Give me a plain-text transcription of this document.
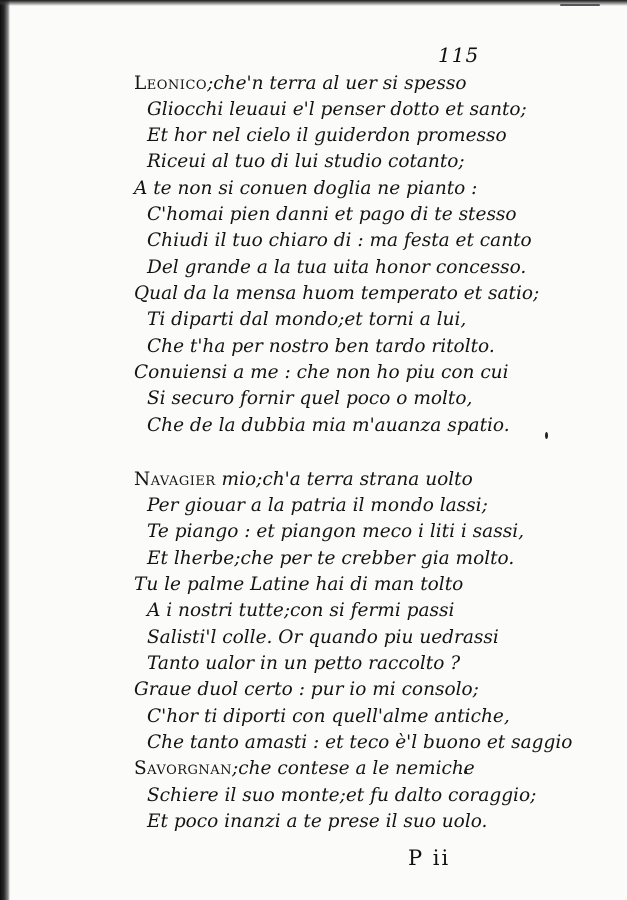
115
Leonico;che'n terra al uer si spesso
Gliocchi leuaui e'l penser dotto et santo;
Et hor nel cielo il guiderdon promesso
Riceui al tuo di lui studio cotanto;
A te non si conuen doglia ne pianto :
C'homai pien danni et pago di te stesso
Chiudi il tuo chiaro di : ma festa et canto
Del grande a la tua uita honor concesso.
Qual da la mensa huom temperato et satio;
Ti diparti dal mondo;et torni a lui,
Che t'ha per nostro ben tardo ritolto.
Conuiensi a me : che non ho piu con cui
Si securo fornir quel poco o molto,
Che de la dubbia mia m'auanza spatio.
Navagier mio;ch'a terra strana uolto
Per giouar a la patria il mondo lassi;
Te piango : et piangon meco i liti i sassi,
Et lherbe;che per te crebber gia molto.
Tu le palme Latine hai di man tolto
A i nostri tutte;con si fermi passi
Salisti'l colle. Or quando piu uedrassi
Tanto ualor in un petto raccolto ?
Graue duol certo : pur io mi consolo;
C'hor ti diporti con quell'alme antiche,
Che tanto amasti : et teco è'l buono et saggio
Savorgnan;che contese a le nemiche
Schiere il suo monte;et fu dalto coraggio;
Et poco inanzi a te prese il suo uolo.
P ii
